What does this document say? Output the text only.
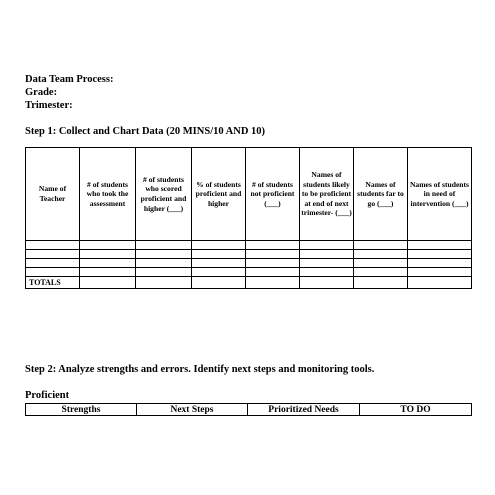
Data Team Process:
Grade:
Trimester:
Step 1: Collect and Chart Data (20 MINS/10 AND 10)
Name of Teacher	# of students who took the assessment	# of students who scored proficient and higher (___)	% of students proficient and higher	# of students not proficient (___)	Names of students likely to be proficient at end of next trimester- (___)	Names of students far to go (___)	Names of students in need of intervention (___)

TOTALS							
Step 2: Analyze strengths and errors. Identify next steps and monitoring tools.
Proficient
Strengths	Next Steps	Prioritized Needs	TO DO
